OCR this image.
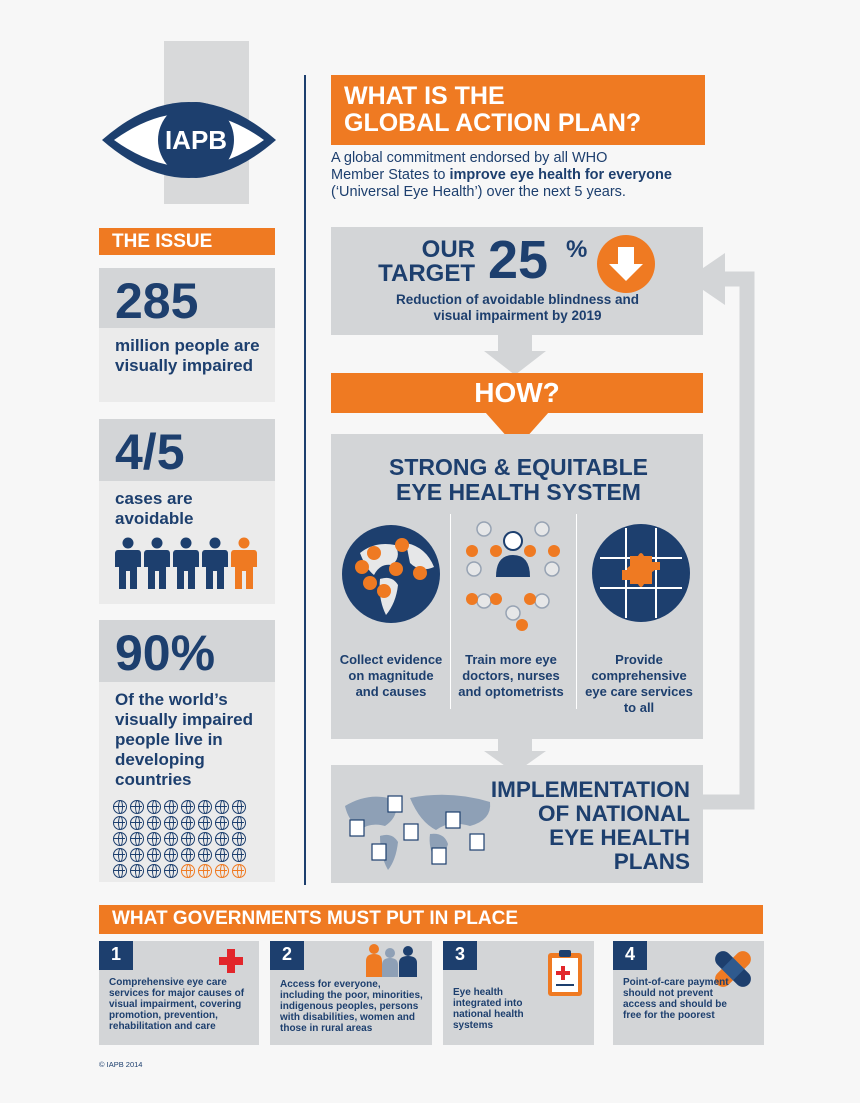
IAPB
THE ISSUE
285
million people are visually impaired
4/5
cases are avoidable
90%
Of the world’s visually impaired people live in developing countries
WHAT IS THE
GLOBAL ACTION PLAN?
A global commitment endorsed by all WHO
Member States to improve eye health for everyone
(‘Universal Eye Health’) over the next 5 years.
OUR
TARGET 25 %
Reduction of avoidable blindness and
visual impairment by 2019
HOW?
STRONG & EQUITABLE
EYE HEALTH SYSTEM
Collect evidence on magnitude and causes
Train more eye doctors, nurses and optometrists
Provide comprehensive eye care services to all
IMPLEMENTATION
OF NATIONAL
EYE HEALTH
PLANS
WHAT GOVERNMENTS MUST PUT IN PLACE
1
Comprehensive eye care services for major causes of visual impairment, covering promotion, prevention, rehabilitation and care
2
Access for everyone, including the poor, minorities, indigenous peoples, persons with disabilities, women and those in rural areas
3
Eye health integrated into national health systems
4
Point-of-care payment should not prevent access and should be free for the poorest
© IAPB 2014
